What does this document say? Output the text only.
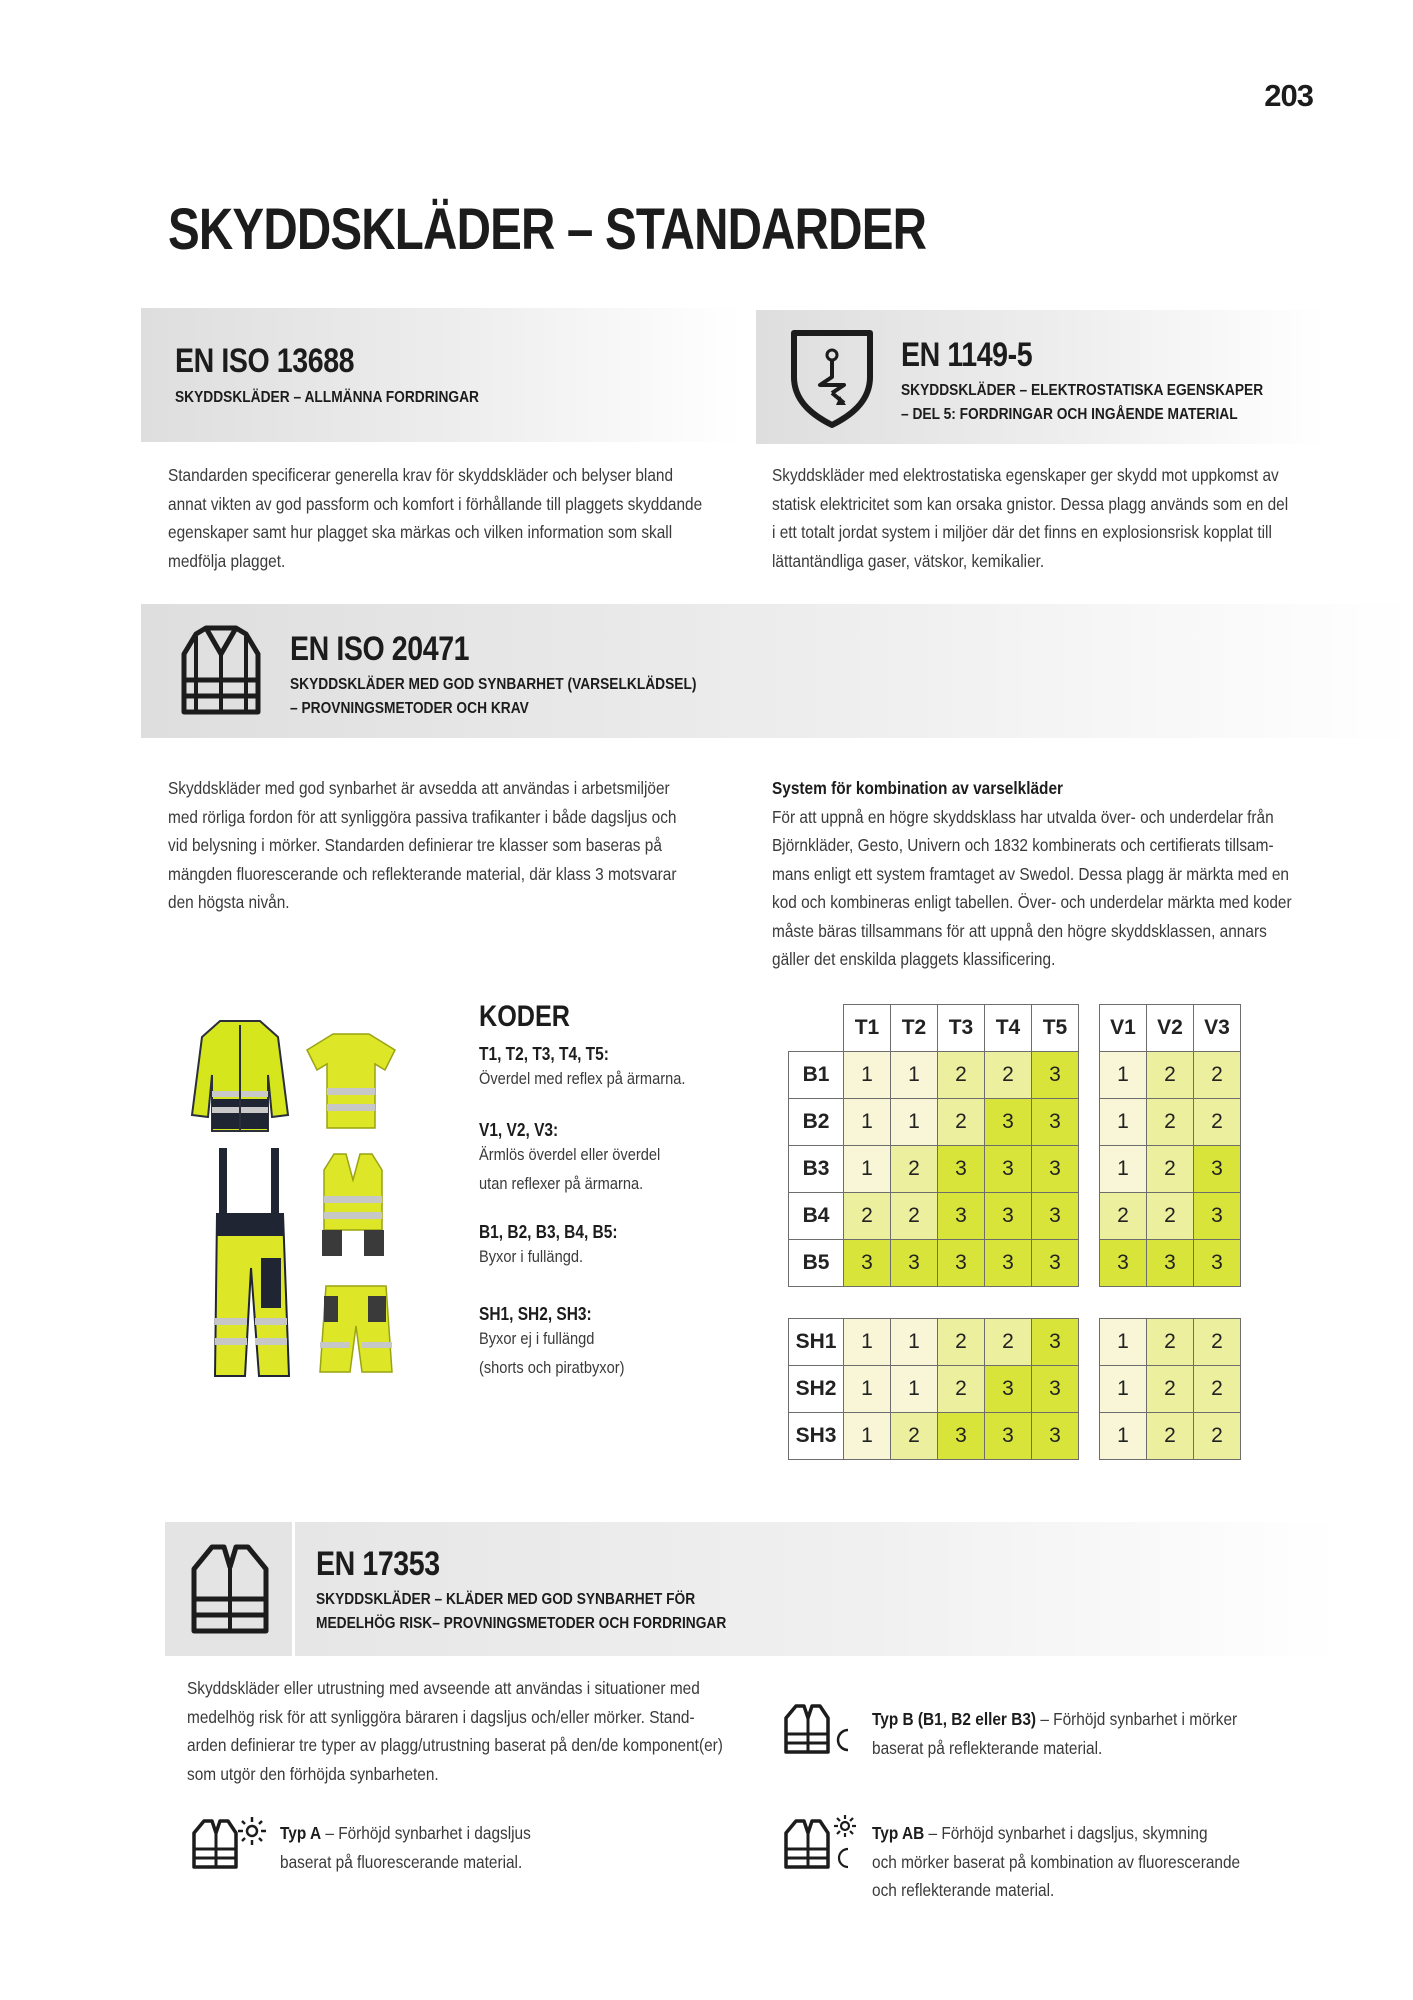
203
SKYDDSKLÄDER – STANDARDER
EN ISO 13688
SKYDDSKLÄDER – ALLMÄNNA FORDRINGAR
Standarden specificerar generella krav för skyddskläder och belyser bland
annat vikten av god passform och komfort i förhållande till plaggets skyddande
egenskaper samt hur plagget ska märkas och vilken information som skall
medfölja plagget.
EN 1149-5
SKYDDSKLÄDER – ELEKTROSTATISKA EGENSKAPER
– DEL 5: FORDRINGAR OCH INGÅENDE MATERIAL
Skyddskläder med elektrostatiska egenskaper ger skydd mot uppkomst av
statisk elektricitet som kan orsaka gnistor. Dessa plagg används som en del
i ett totalt jordat system i miljöer där det finns en explosionsrisk kopplat till
lättantändliga gaser, vätskor, kemikalier.
EN ISO 20471
SKYDDSKLÄDER MED GOD SYNBARHET (VARSELKLÄDSEL)
– PROVNINGSMETODER OCH KRAV
Skyddskläder med god synbarhet är avsedda att användas i arbetsmiljöer
med rörliga fordon för att synliggöra passiva trafikanter i både dagsljus och
vid belysning i mörker. Standarden definierar tre klasser som baseras på
mängden fluorescerande och reflekterande material, där klass 3 motsvarar
den högsta nivån.
System för kombination av varselkläder
För att uppnå en högre skyddsklass har utvalda över- och underdelar från
Björnkläder, Gesto, Univern och 1832 kombinerats och certifierats tillsam-
mans enligt ett system framtaget av Swedol. Dessa plagg är märkta med en
kod och kombineras enligt tabellen. Över- och underdelar märkta med koder
måste bäras tillsammans för att uppnå den högre skyddsklassen, annars
gäller det enskilda plaggets klassificering.
KODER
T1, T2, T3, T4, T5:
Överdel med reflex på ärmarna.
V1, V2, V3:
Ärmlös överdel eller överdel
utan reflexer på ärmarna.
B1, B2, B3, B4, B5:
Byxor i fullängd.
SH1, SH2, SH3:
Byxor ej i fullängd
(shorts och piratbyxor)
	T1	T2	T3	T4	T5		V1	V2	V3
B1	1	1	2	2	3		1	2	2
B2	1	1	2	3	3		1	2	2
B3	1	2	3	3	3		1	2	3
B4	2	2	3	3	3		2	2	3
B5	3	3	3	3	3		3	3	3
SH1	1	1	2	2	3		1	2	2
SH2	1	1	2	3	3		1	2	2
SH3	1	2	3	3	3		1	2	2
EN 17353
SKYDDSKLÄDER – KLÄDER MED GOD SYNBARHET FÖR
MEDELHÖG RISK– PROVNINGSMETODER OCH FORDRINGAR
Skyddskläder eller utrustning med avseende att användas i situationer med
medelhög risk för att synliggöra bäraren i dagsljus och/eller mörker. Stand-
arden definierar tre typer av plagg/utrustning baserat på den/de komponent(er)
som utgör den förhöjda synbarheten.
Typ A – Förhöjd synbarhet i dagsljus
baserat på fluorescerande material.
Typ B (B1, B2 eller B3) – Förhöjd synbarhet i mörker
baserat på reflekterande material.
Typ AB – Förhöjd synbarhet i dagsljus, skymning
och mörker baserat på kombination av fluorescerande
och reflekterande material.
